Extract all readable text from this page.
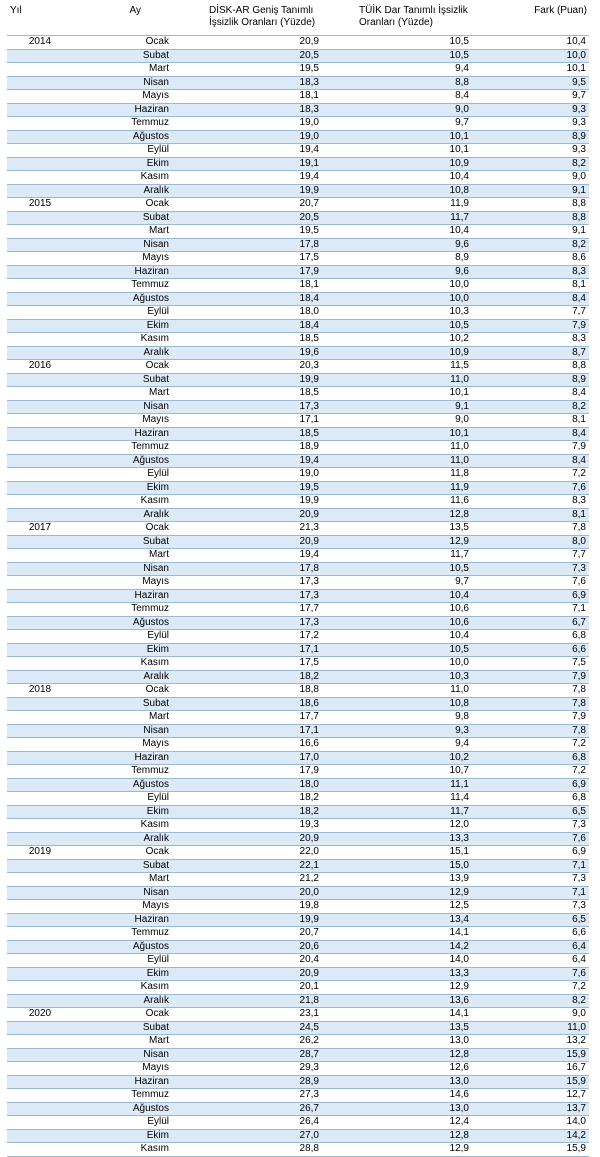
Yıl	Ay	DİSK-AR Geniş Tanımlı İşsizlik Oranları (Yüzde)	TÜİK Dar Tanımlı İşsizlik Oranları (Yüzde)	Fark (Puan)
2014	Ocak	20,9	10,5	10,4
	Subat	20,5	10,5	10,0
	Mart	19,5	9,4	10,1
	Nisan	18,3	8,8	9,5
	Mayıs	18,1	8,4	9,7
	Haziran	18,3	9,0	9,3
	Temmuz	19,0	9,7	9,3
	Ağustos	19,0	10,1	8,9
	Eylül	19,4	10,1	9,3
	Ekim	19,1	10,9	8,2
	Kasım	19,4	10,4	9,0
	Aralık	19,9	10,8	9,1
2015	Ocak	20,7	11,9	8,8
	Subat	20,5	11,7	8,8
	Mart	19,5	10,4	9,1
	Nisan	17,8	9,6	8,2
	Mayıs	17,5	8,9	8,6
	Haziran	17,9	9,6	8,3
	Temmuz	18,1	10,0	8,1
	Ağustos	18,4	10,0	8,4
	Eylül	18,0	10,3	7,7
	Ekim	18,4	10,5	7,9
	Kasım	18,5	10,2	8,3
	Aralık	19,6	10,9	8,7
2016	Ocak	20,3	11,5	8,8
	Subat	19,9	11,0	8,9
	Mart	18,5	10,1	8,4
	Nisan	17,3	9,1	8,2
	Mayıs	17,1	9,0	8,1
	Haziran	18,5	10,1	8,4
	Temmuz	18,9	11,0	7,9
	Ağustos	19,4	11,0	8,4
	Eylül	19,0	11,8	7,2
	Ekim	19,5	11,9	7,6
	Kasım	19,9	11,6	8,3
	Aralık	20,9	12,8	8,1
2017	Ocak	21,3	13,5	7,8
	Subat	20,9	12,9	8,0
	Mart	19,4	11,7	7,7
	Nisan	17,8	10,5	7,3
	Mayıs	17,3	9,7	7,6
	Haziran	17,3	10,4	6,9
	Temmuz	17,7	10,6	7,1
	Ağustos	17,3	10,6	6,7
	Eylül	17,2	10,4	6,8
	Ekim	17,1	10,5	6,6
	Kasım	17,5	10,0	7,5
	Aralık	18,2	10,3	7,9
2018	Ocak	18,8	11,0	7,8
	Subat	18,6	10,8	7,8
	Mart	17,7	9,8	7,9
	Nisan	17,1	9,3	7,8
	Mayıs	16,6	9,4	7,2
	Haziran	17,0	10,2	6,8
	Temmuz	17,9	10,7	7,2
	Ağustos	18,0	11,1	6,9
	Eylül	18,2	11,4	6,8
	Ekim	18,2	11,7	6,5
	Kasım	19,3	12,0	7,3
	Aralık	20,9	13,3	7,6
2019	Ocak	22,0	15,1	6,9
	Subat	22,1	15,0	7,1
	Mart	21,2	13,9	7,3
	Nisan	20,0	12,9	7,1
	Mayıs	19,8	12,5	7,3
	Haziran	19,9	13,4	6,5
	Temmuz	20,7	14,1	6,6
	Ağustos	20,6	14,2	6,4
	Eylül	20,4	14,0	6,4
	Ekim	20,9	13,3	7,6
	Kasım	20,1	12,9	7,2
	Aralık	21,8	13,6	8,2
2020	Ocak	23,1	14,1	9,0
	Subat	24,5	13,5	11,0
	Mart	26,2	13,0	13,2
	Nisan	28,7	12,8	15,9
	Mayıs	29,3	12,6	16,7
	Haziran	28,9	13,0	15,9
	Temmuz	27,3	14,6	12,7
	Ağustos	26,7	13,0	13,7
	Eylül	26,4	12,4	14,0
	Ekim	27,0	12,8	14,2
	Kasım	28,8	12,9	15,9
